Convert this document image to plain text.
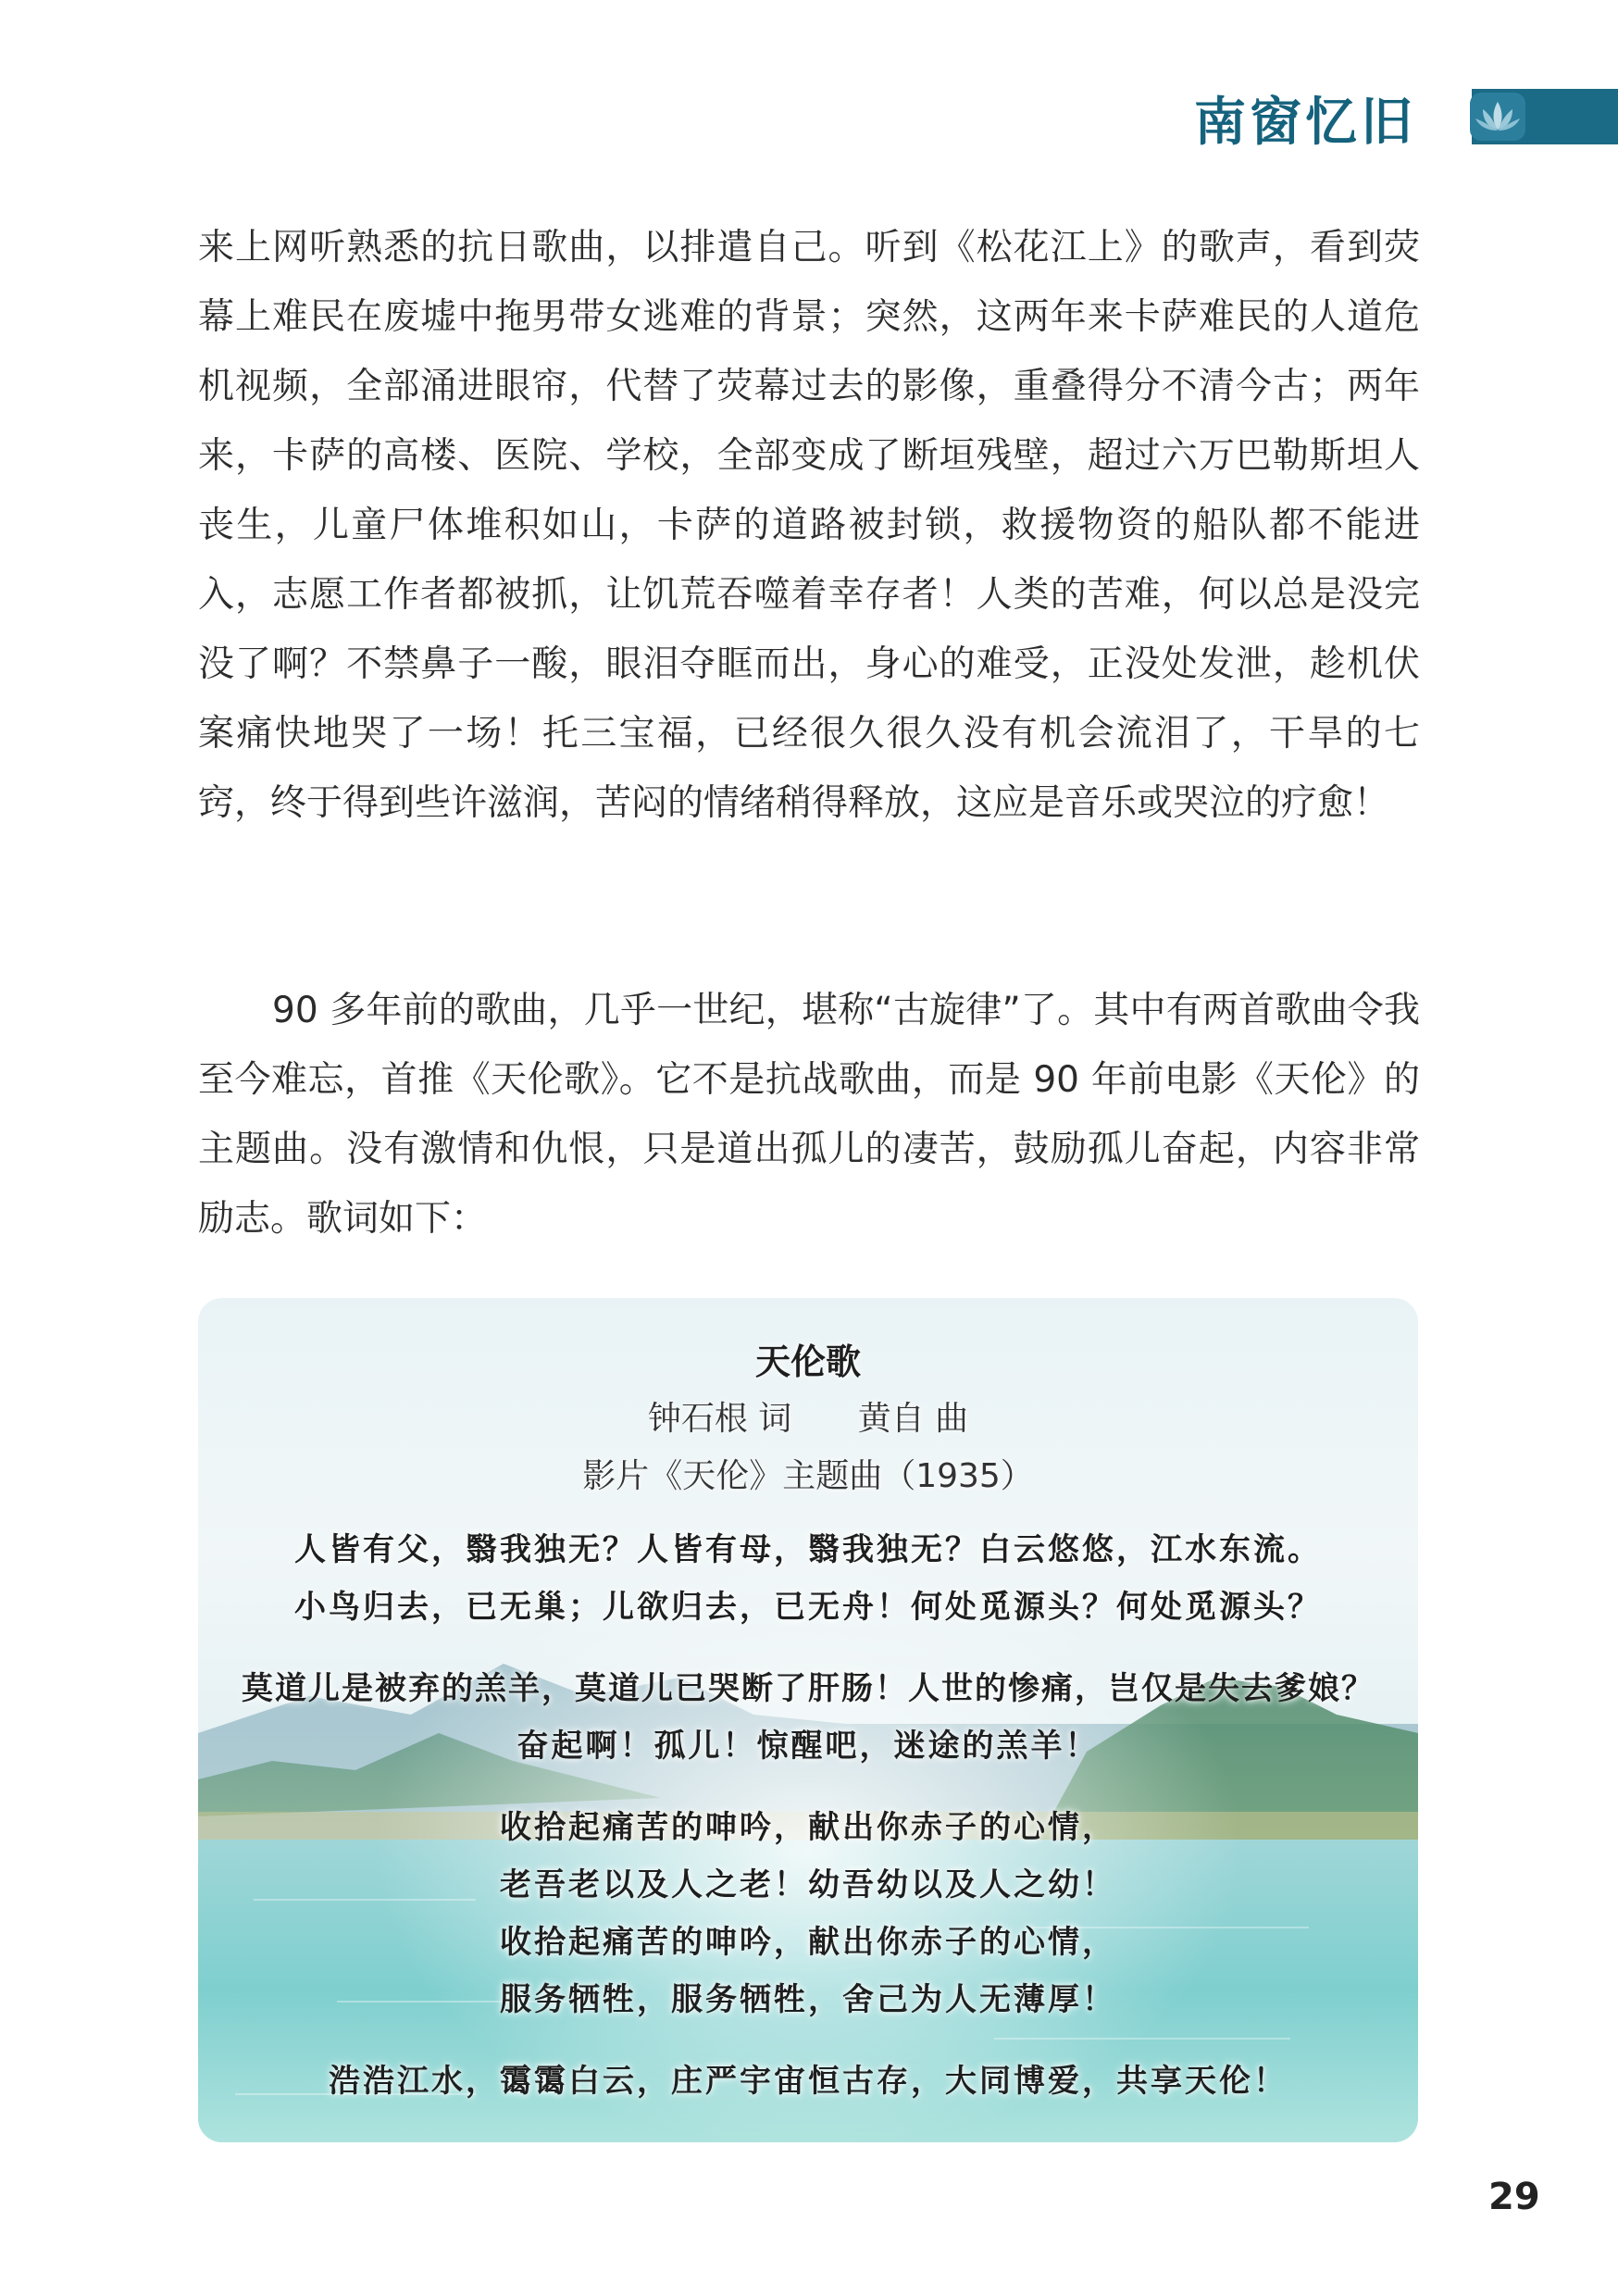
南窗忆旧

来上网听熟悉的抗日歌曲，以排遣自己。听到《松花江上》的歌声，看到荧幕上难民在废墟中拖男带女逃难的背景；突然，这两年来卡萨难民的人道危机视频，全部涌进眼帘，代替了荧幕过去的影像，重叠得分不清今古；两年来，卡萨的高楼、医院、学校，全部变成了断垣残壁，超过六万巴勒斯坦人丧生，儿童尸体堆积如山，卡萨的道路被封锁，救援物资的船队都不能进入，志愿工作者都被抓，让饥荒吞噬着幸存者！人类的苦难，何以总是没完没了啊？不禁鼻子一酸，眼泪夺眶而出，身心的难受，正没处发泄，趁机伏案痛快地哭了一场！托三宝福，已经很久很久没有机会流泪了，干旱的七窍，终于得到些许滋润，苦闷的情绪稍得释放，这应是音乐或哭泣的疗愈！

90 多年前的歌曲，几乎一世纪，堪称“古旋律”了。其中有两首歌曲令我至今难忘，首推《天伦歌》。它不是抗战歌曲，而是 90 年前电影《天伦》的主题曲。没有激情和仇恨，只是道出孤儿的凄苦，鼓励孤儿奋起，内容非常励志。歌词如下：

天伦歌

钟石根 词 黄自 曲

影片《天伦》主题曲（1935）

人皆有父，翳我独无？人皆有母，翳我独无？白云悠悠，江水东流。

小鸟归去，已无巢；儿欲归去，已无舟！何处觅源头？何处觅源头？

莫道儿是被弃的羔羊，莫道儿已哭断了肝肠！人世的惨痛，岂仅是失去爹娘？

奋起啊！孤儿！惊醒吧，迷途的羔羊！

收拾起痛苦的呻吟，献出你赤子的心情，

老吾老以及人之老！幼吾幼以及人之幼！

收拾起痛苦的呻吟，献出你赤子的心情，

服务牺牲，服务牺牲，舍己为人无薄厚！

浩浩江水，霭霭白云，庄严宇宙恒古存，大同博爱，共享天伦！

29
